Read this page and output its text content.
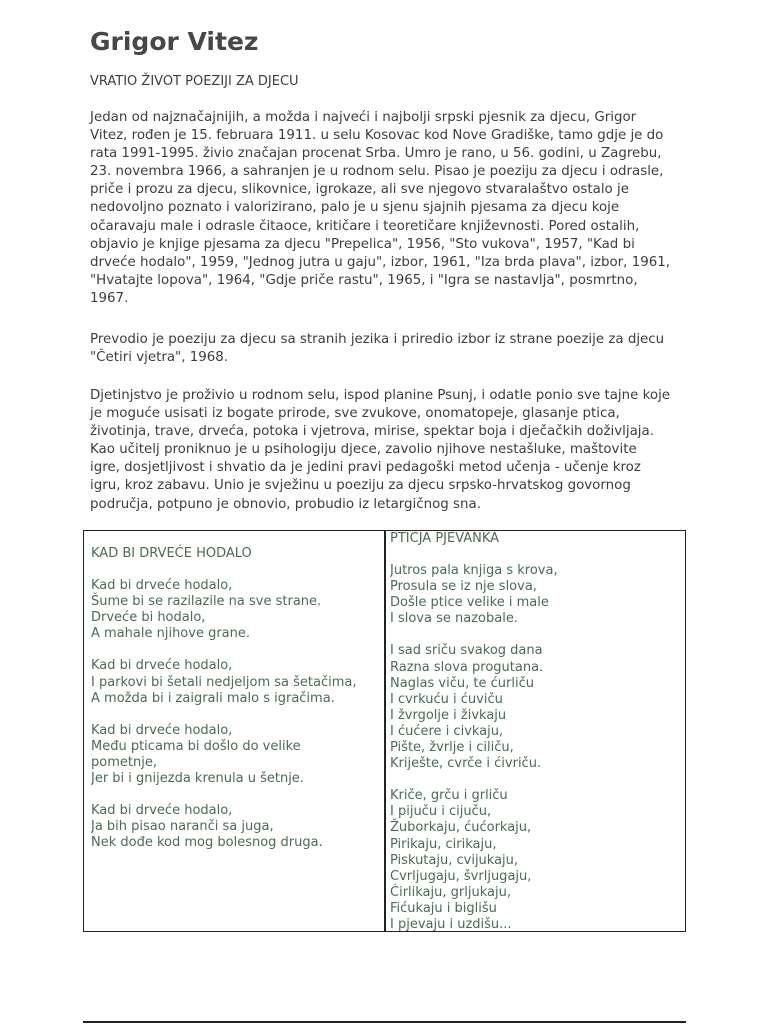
Grigor Vitez

VRATIO ŽIVOT POEZIJI ZA DJECU

Jedan od najznačajnijih, a možda i najveći i najbolji srpski pjesnik za djecu, Grigor
Vitez, rođen je 15. februara 1911. u selu Kosovac kod Nove Gradiške, tamo gdje je do
rata 1991-1995. živio značajan procenat Srba. Umro je rano, u 56. godini, u Zagrebu,
23. novembra 1966, a sahranjen je u rodnom selu. Pisao je poeziju za djecu i odrasle,
priče i prozu za djecu, slikovnice, igrokaze, ali sve njegovo stvaralaštvo ostalo je
nedovoljno poznato i valorizirano, palo je u sjenu sjajnih pjesama za djecu koje
očaravaju male i odrasle čitaoce, kritičare i teoretičare književnosti. Pored ostalih,
objavio je knjige pjesama za djecu "Prepelica", 1956, "Sto vukova", 1957, "Kad bi
drveće hodalo", 1959, "Jednog jutra u gaju", izbor, 1961, "Iza brda plava", izbor, 1961,
"Hvatajte lopova", 1964, "Gdje priče rastu", 1965, i "Igra se nastavlja", posmrtno,
1967.

Prevodio je poeziju za djecu sa stranih jezika i priredio izbor iz strane poezije za djecu
"Četiri vjetra", 1968.

Djetinjstvo je proživio u rodnom selu, ispod planine Psunj, i odatle ponio sve tajne koje
je moguće usisati iz bogate prirode, sve zvukove, onomatopeje, glasanje ptica,
životinja, trave, drveća, potoka i vjetrova, mirise, spektar boja i dječačkih doživljaja.
Kao učitelj proniknuo je u psihologiju djece, zavolio njihove nestašluke, maštovite
igre, dosjetljivost i shvatio da je jedini pravi pedagoški metod učenja - učenje kroz
igru, kroz zabavu. Unio je svježinu u poeziju za djecu srpsko-hrvatskog govornog
područja, potpuno je obnovio, probudio iz letargičnog sna.

KAD BI DRVEĆE HODALO
Kad bi drveće hodalo,
Šume bi se razilazile na sve strane.
Drveće bi hodalo,
A mahale njihove grane.
Kad bi drveće hodalo,
I parkovi bi šetali nedjeljom sa šetačima,
A možda bi i zaigrali malo s igračima.
Kad bi drveće hodalo,
Među pticama bi došlo do velike
pometnje,
Jer bi i gnijezda krenula u šetnje.
Kad bi drveće hodalo,
Ja bih pisao naranči sa juga,
Nek dođe kod mog bolesnog druga.
PTIČJA PJEVANKA
Jutros pala knjiga s krova,
Prosula se iz nje slova,
Došle ptice velike i male
I slova se nazobale.
I sad sriču svakog dana
Razna slova progutana.
Naglas viču, te ćurliču
I cvrkuću i ćuviču
I žvrgolje i živkaju
I ćućere i civkaju,
Pište, žvrlje i ciliču,
Kriješte, cvrče i ćivriču.
Kriče, grču i grliču
I pijuču i cijuču,
Žuborkaju, ćućorkaju,
Pirikaju, cirikaju,
Piskutaju, cvijukaju,
Cvrljugaju, švrljugaju,
Ćirlikaju, grljukaju,
Fićukaju i biglišu
I pjevaju i uzdišu...
